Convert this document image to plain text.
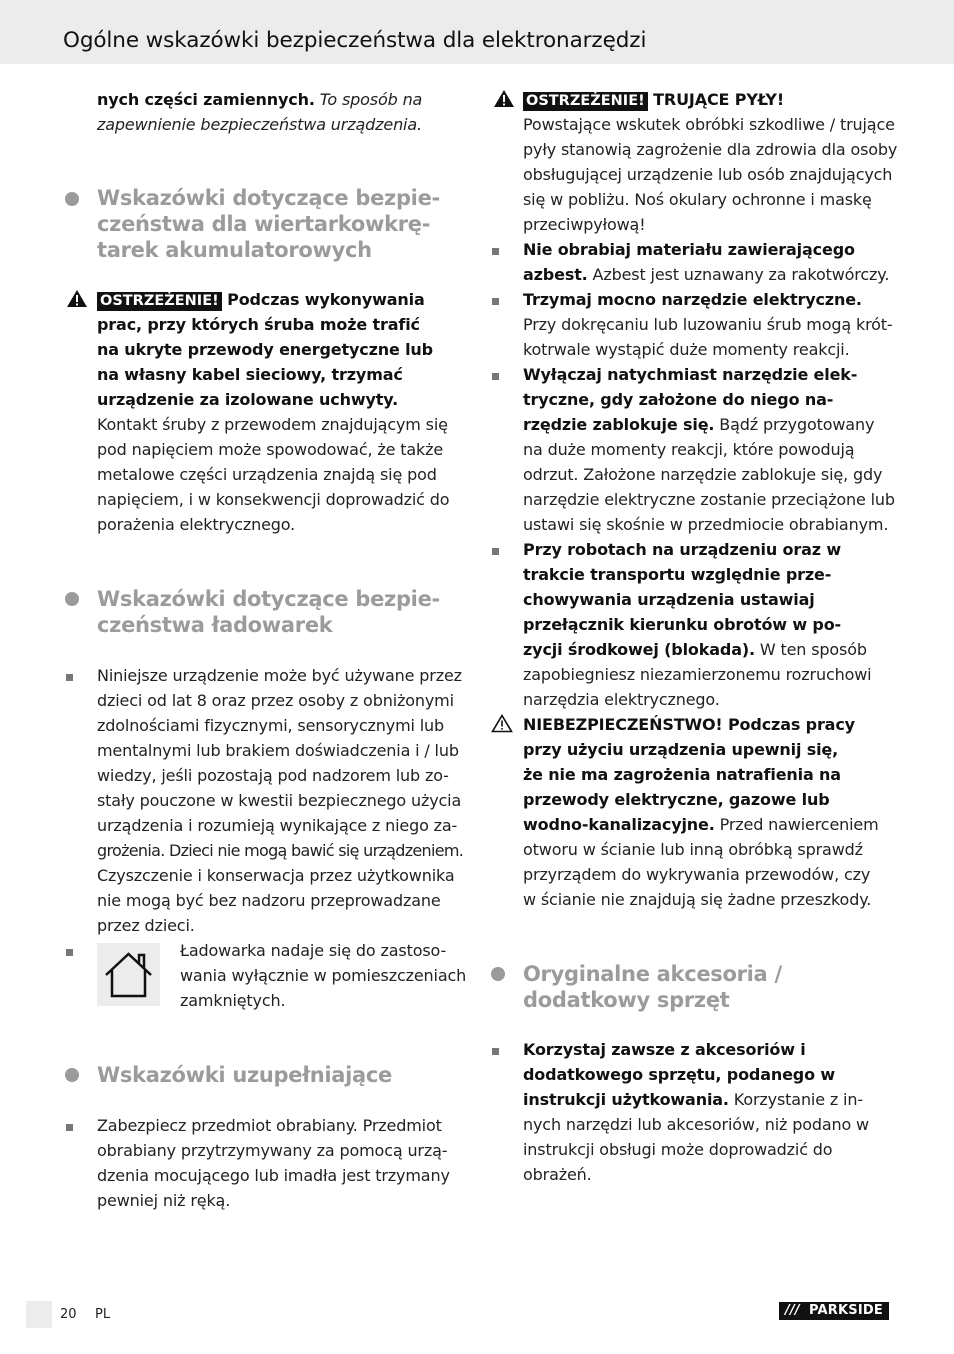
Ogólne wskazówki bezpieczeństwa dla elektronarzędzi
nych części zamiennych. To sposób na
zapewnienie bezpieczeństwa urządzenia.
Wskazówki dotyczące bezpie-
czeństwa dla wiertarkowkrę-
tarek akumulatorowych
OSTRZEŻENIE! Podczas wykonywania
prac, przy których śruba może trafić
na ukryte przewody energetyczne lub
na własny kabel sieciowy, trzymać
urządzenie za izolowane uchwyty.
Kontakt śruby z przewodem znajdującym się
pod napięciem może spowodować, że także
metalowe części urządzenia znajdą się pod
napięciem, i w konsekwencji doprowadzić do
porażenia elektrycznego.
Wskazówki dotyczące bezpie-
czeństwa ładowarek
Niniejsze urządzenie może być używane przez
dzieci od lat 8 oraz przez osoby z obniżonymi
zdolnościami fizycznymi, sensorycznymi lub
mentalnymi lub brakiem doświadczenia i / lub
wiedzy, jeśli pozostają pod nadzorem lub zo-
stały pouczone w kwestii bezpiecznego użycia
urządzenia i rozumieją wynikające z niego za-
grożenia. Dzieci nie mogą bawić się urządzeniem.
Czyszczenie i konserwacja przez użytkownika
nie mogą być bez nadzoru przeprowadzane
przez dzieci.
Ładowarka nadaje się do zastoso-
wania wyłącznie w pomieszczeniach
zamkniętych.
Wskazówki uzupełniające
Zabezpiecz przedmiot obrabiany. Przedmiot
obrabiany przytrzymywany za pomocą urzą-
dzenia mocującego lub imadła jest trzymany
pewniej niż ręką.
OSTRZEŻENIE! TRUJĄCE PYŁY!
Powstające wskutek obróbki szkodliwe / trujące
pyły stanowią zagrożenie dla zdrowia dla osoby
obsługującej urządzenie lub osób znajdujących
się w pobliżu. Noś okulary ochronne i maskę
przeciwpyłową!
Nie obrabiaj materiału zawierającego
azbest. Azbest jest uznawany za rakotwórczy.
Trzymaj mocno narzędzie elektryczne.
Przy dokręcaniu lub luzowaniu śrub mogą krót-
kotrwale wystąpić duże momenty reakcji.
Wyłączaj natychmiast narzędzie elek-
tryczne, gdy założone do niego na-
rzędzie zablokuje się. Bądź przygotowany
na duże momenty reakcji, które powodują
odrzut. Założone narzędzie zablokuje się, gdy
narzędzie elektryczne zostanie przeciążone lub
ustawi się skośnie w przedmiocie obrabianym.
Przy robotach na urządzeniu oraz w
trakcie transportu względnie prze-
chowywania urządzenia ustawiaj
przełącznik kierunku obrotów w po-
zycji środkowej (blokada). W ten sposób
zapobiegniesz niezamierzonemu rozruchowi
narzędzia elektrycznego.
NIEBEZPIECZEŃSTWO! Podczas pracy
przy użyciu urządzenia upewnij się,
że nie ma zagrożenia natrafienia na
przewody elektryczne, gazowe lub
wodno-kanalizacyjne. Przed nawierceniem
otworu w ścianie lub inną obróbką sprawdź
przyrządem do wykrywania przewodów, czy
w ścianie nie znajdują się żadne przeszkody.
Oryginalne akcesoria /
dodatkowy sprzęt
Korzystaj zawsze z akcesoriów i
dodatkowego sprzętu, podanego w
instrukcji użytkowania. Korzystanie z in-
nych narzędzi lub akcesoriów, niż podano w
instrukcji obsługi może doprowadzić do obrażeń.
20 PL	/// PARKSIDE
